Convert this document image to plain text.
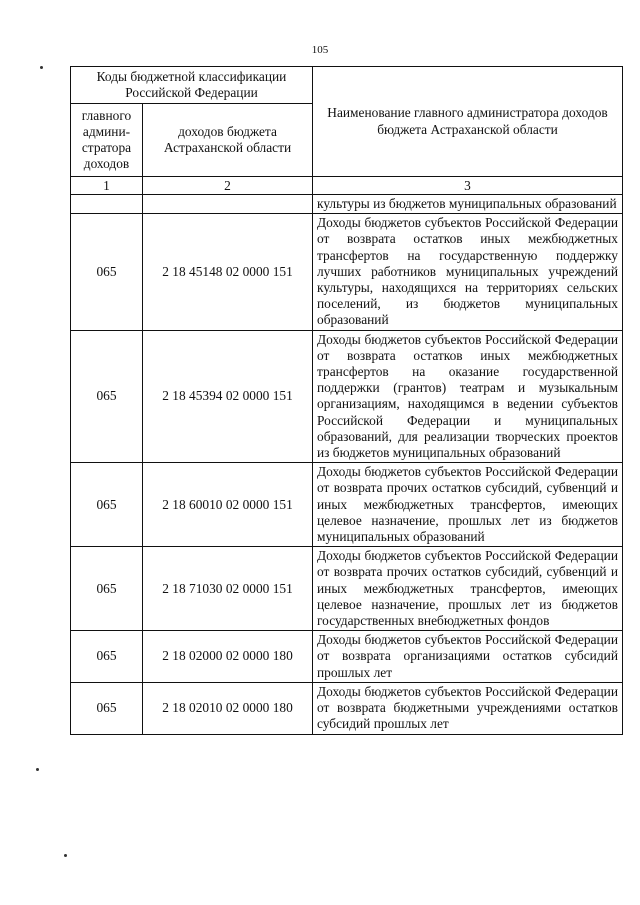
105
Коды бюджетной классификации Российской Федерации		Наименование главного администратора доходов бюджета Астраханской области
главного админи-стратора доходов	доходов бюджета Астраханской области	
1	2	3
		культуры из бюджетов муниципальных образований
065	2 18 45148 02 0000 151	Доходы бюджетов субъектов Российской Федерации от возврата остатков иных межбюджетных трансфертов на государственную поддержку лучших работников муниципальных учреждений культуры, находящихся на территориях сельских поселений, из бюджетов муниципальных образований
065	2 18 45394 02 0000 151	Доходы бюджетов субъектов Российской Федерации от возврата остатков иных межбюджетных трансфертов на оказание государственной поддержки (грантов) театрам и музыкальным организациям, находящимся в ведении субъектов Российской Федерации и муниципальных образований, для реализации творческих проектов из бюджетов муниципальных образований
065	2 18 60010 02 0000 151	Доходы бюджетов субъектов Российской Федерации от возврата прочих остатков субсидий, субвенций и иных межбюджетных трансфертов, имеющих целевое назначение, прошлых лет из бюджетов муниципальных образований
065	2 18 71030 02 0000 151	Доходы бюджетов субъектов Российской Федерации от возврата прочих остатков субсидий, субвенций и иных межбюджетных трансфертов, имеющих целевое назначение, прошлых лет из бюджетов государственных внебюджетных фондов
065	2 18 02000 02 0000 180	Доходы бюджетов субъектов Российской Федерации от возврата организациями остатков субсидий прошлых лет
065	2 18 02010 02 0000 180	Доходы бюджетов субъектов Российской Федерации от возврата бюджетными учреждениями остатков субсидий прошлых лет
